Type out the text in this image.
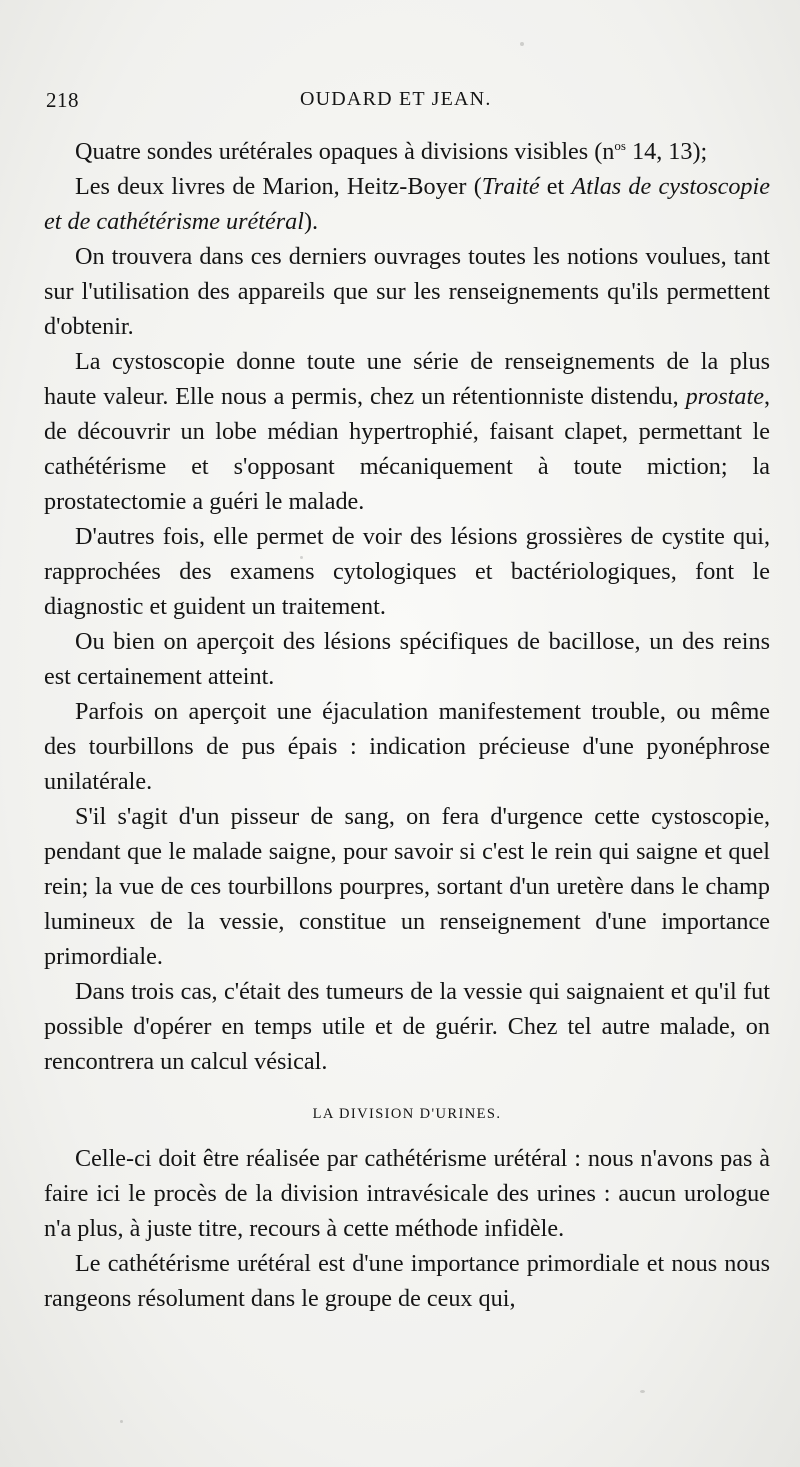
218	OUDARD ET JEAN.

Quatre sondes urétérales opaques à divisions visibles ($n^{os}$ 14, 13);

Les deux livres de Marion, Heitz-Boyer (Traité et Atlas de cystoscopie et de cathétérisme urétéral).

On trouvera dans ces derniers ouvrages toutes les notions voulues, tant sur l'utilisation des appareils que sur les renseignements qu'ils permettent d'obtenir.

La cystoscopie donne toute une série de renseignements de la plus haute valeur. Elle nous a permis, chez un rétentionniste distendu, prostate, de découvrir un lobe médian hypertrophié, faisant clapet, permettant le cathétérisme et s'opposant mécaniquement à toute miction; la prostatectomie a guéri le malade.

D'autres fois, elle permet de voir des lésions grossières de cystite qui, rapprochées des examens cytologiques et bactériologiques, font le diagnostic et guident un traitement.

Ou bien on aperçoit des lésions spécifiques de bacillose, un des reins est certainement atteint.

Parfois on aperçoit une éjaculation manifestement trouble, ou même des tourbillons de pus épais : indication précieuse d'une pyonéphrose unilatérale.

S'il s'agit d'un pisseur de sang, on fera d'urgence cette cystoscopie, pendant que le malade saigne, pour savoir si c'est le rein qui saigne et quel rein; la vue de ces tourbillons pourpres, sortant d'un uretère dans le champ lumineux de la vessie, constitue un renseignement d'une importance primordiale.

Dans trois cas, c'était des tumeurs de la vessie qui saignaient et qu'il fut possible d'opérer en temps utile et de guérir. Chez tel autre malade, on rencontrera un calcul vésical.

LA DIVISION D'URINES.

Celle-ci doit être réalisée par cathétérisme urétéral : nous n'avons pas à faire ici le procès de la division intravésicale des urines : aucun urologue n'a plus, à juste titre, recours à cette méthode infidèle.

Le cathétérisme urétéral est d'une importance primordiale et nous nous rangeons résolument dans le groupe de ceux qui,
